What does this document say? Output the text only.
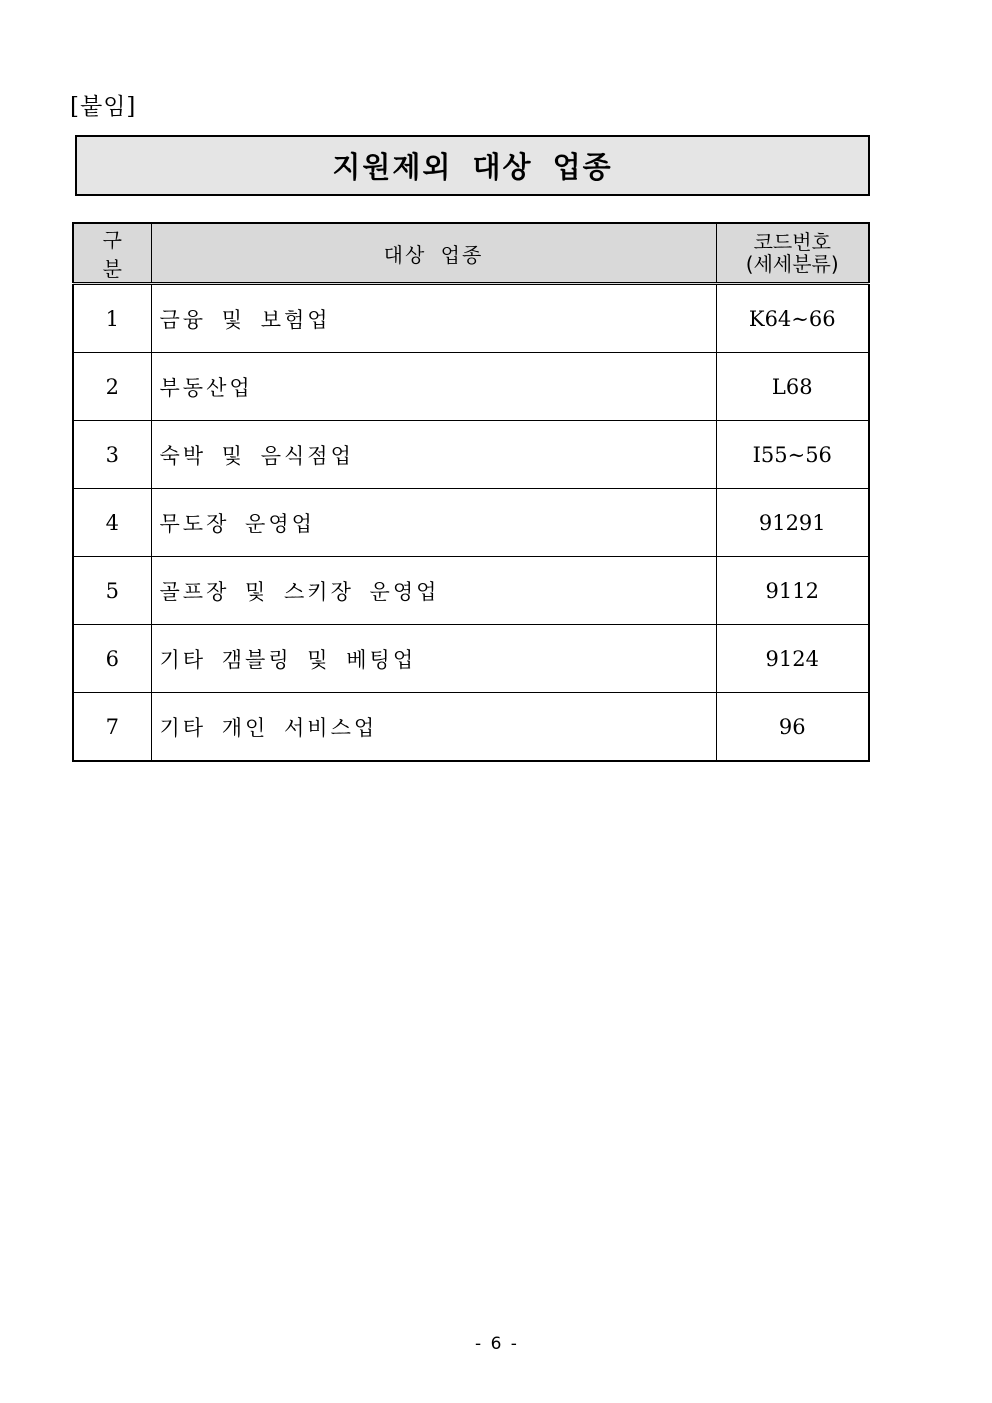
[붙임]
지원제외 대상 업종
구 분	대상 업종	코드번호
(세세분류)

1	금융 및 보험업	K64∼66
2	부동산업	L68
3	숙박 및 음식점업	I55∼56
4	무도장 운영업	91291
5	골프장 및 스키장 운영업	9112
6	기타 갬블링 및 베팅업	9124
7	기타 개인 서비스업	96
- 6 -
